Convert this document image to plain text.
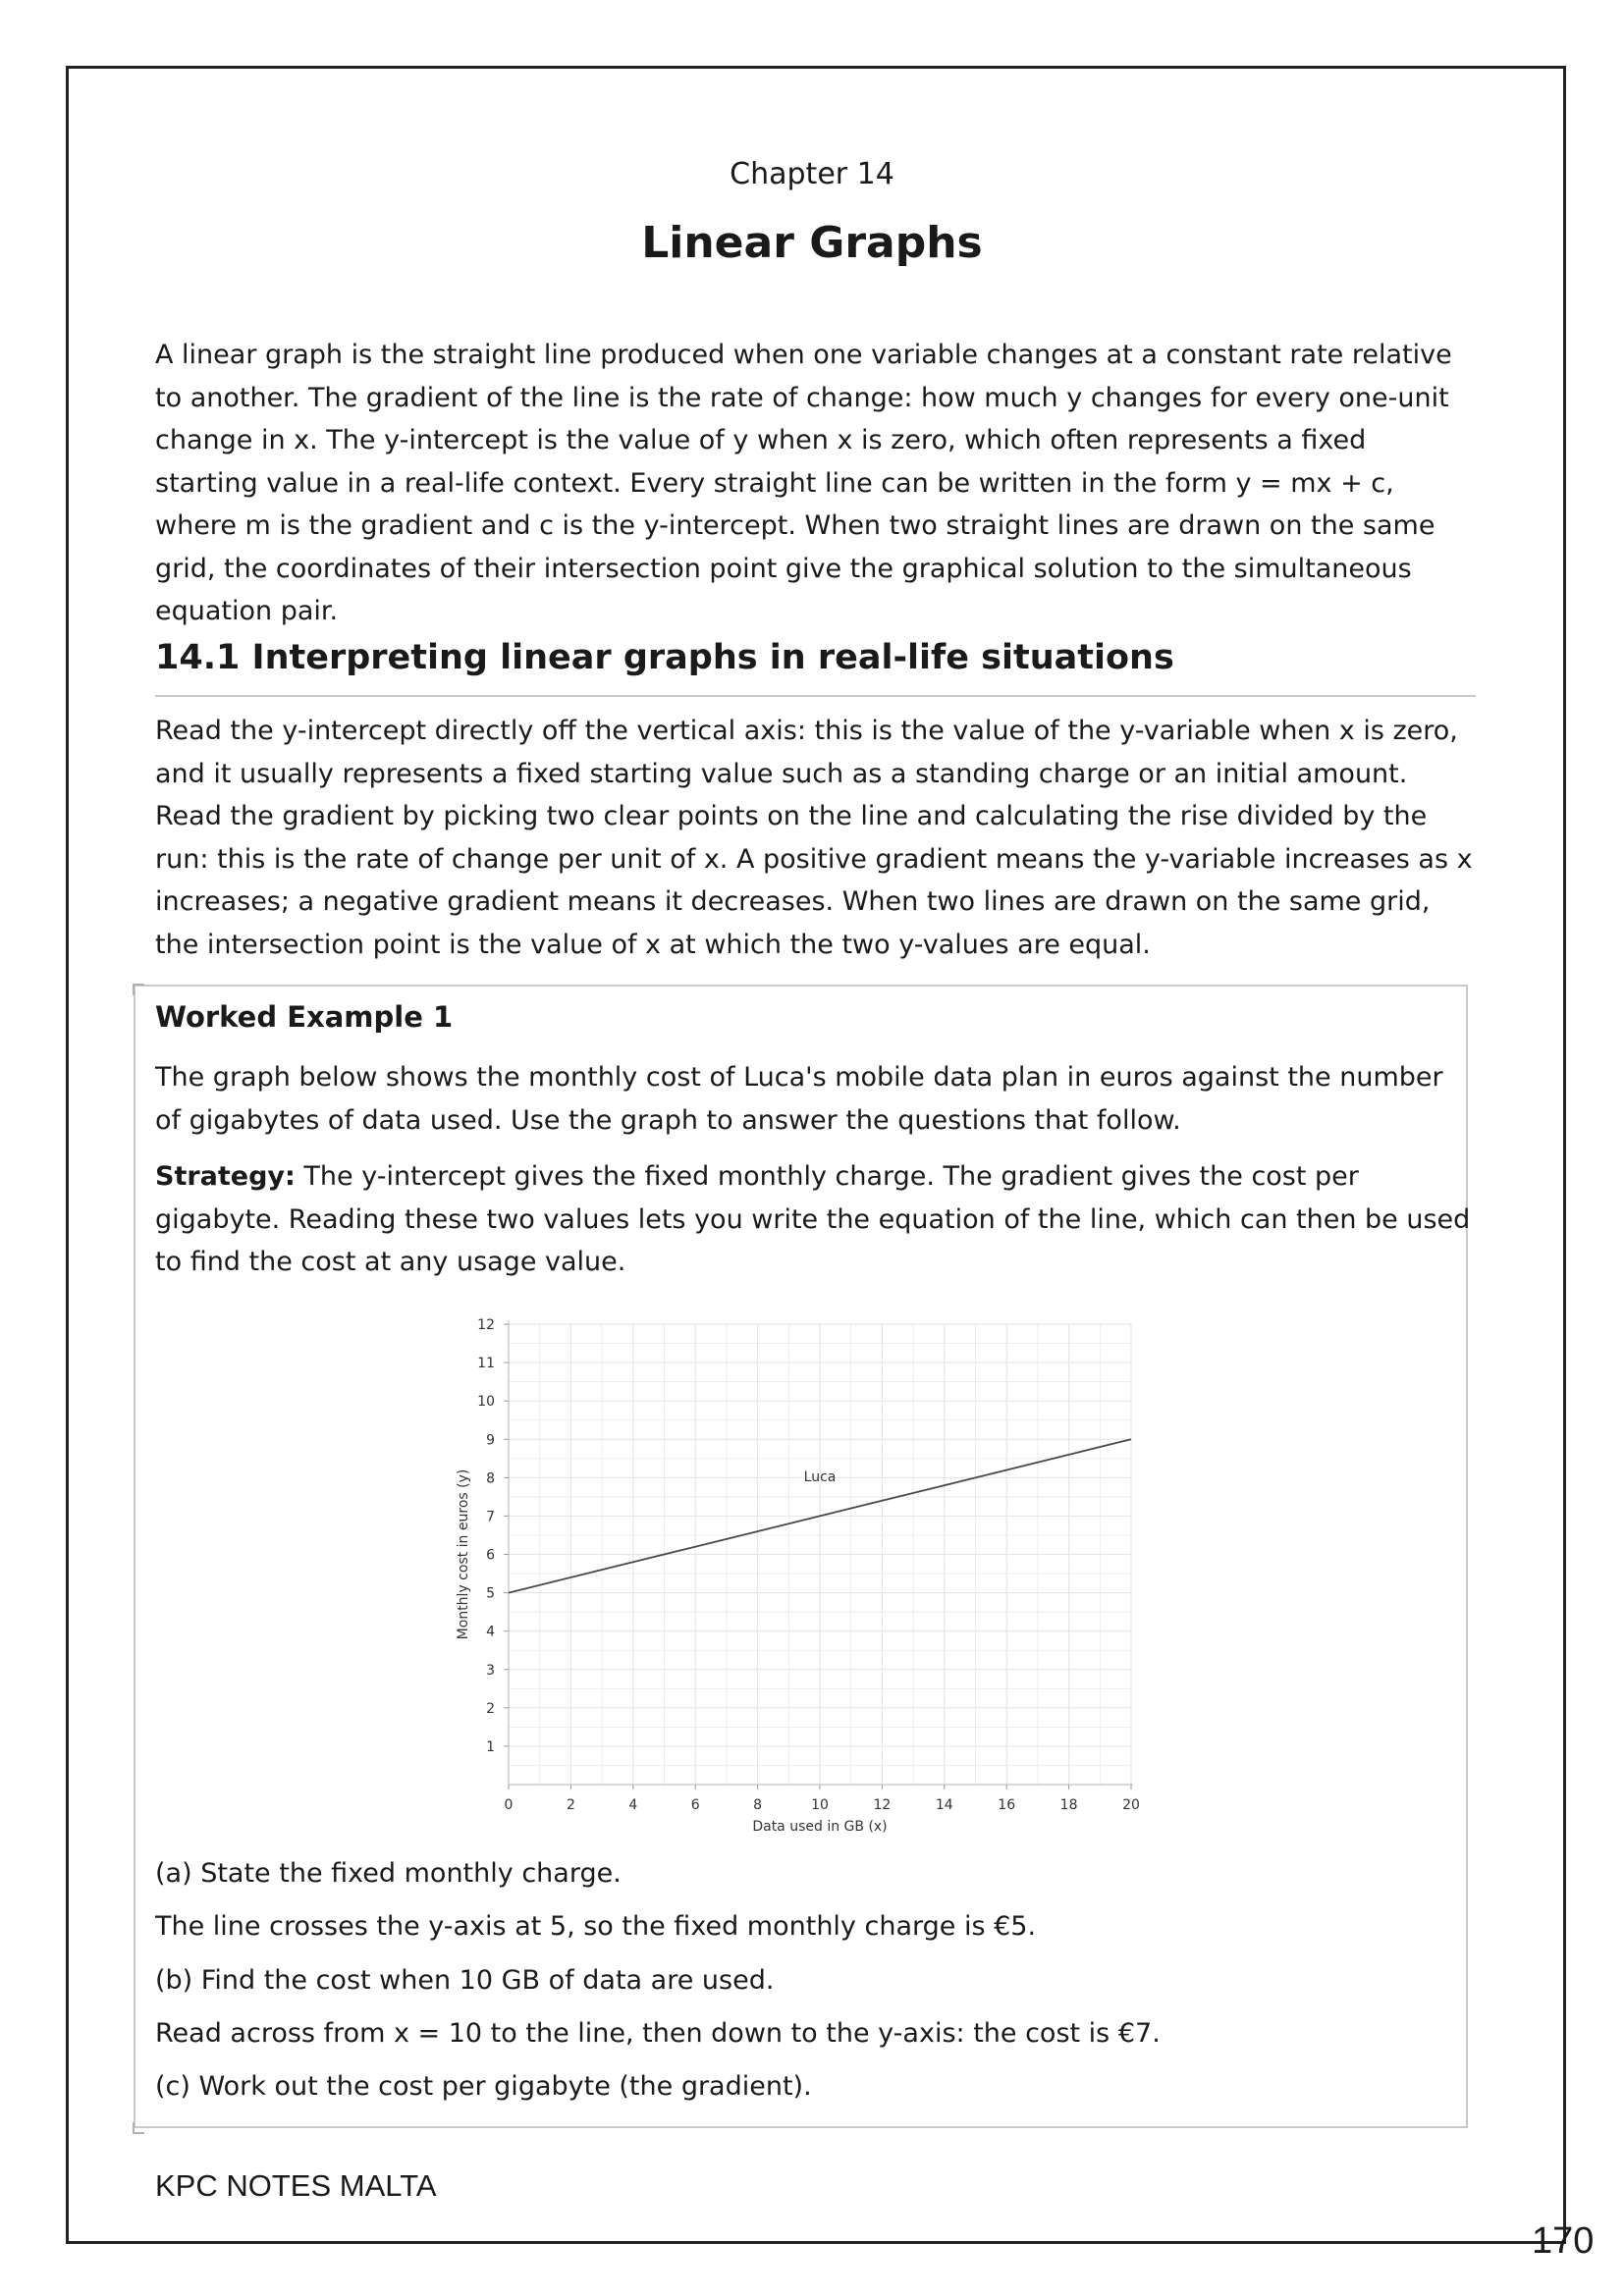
Chapter 14
Linear Graphs

A linear graph is the straight line produced when one variable changes at a constant rate relative to another. The gradient of the line is the rate of change: how much y changes for every one-unit change in x. The y-intercept is the value of y when x is zero, which often represents a fixed starting value in a real-life context. Every straight line can be written in the form y = mx + c, where m is the gradient and c is the y-intercept. When two straight lines are drawn on the same grid, the coordinates of their intersection point give the graphical solution to the simultaneous equation pair.

14.1 Interpreting linear graphs in real-life situations

Read the y-intercept directly off the vertical axis: this is the value of the y-variable when x is zero, and it usually represents a fixed starting value such as a standing charge or an initial amount. Read the gradient by picking two clear points on the line and calculating the rise divided by the run: this is the rate of change per unit of x. A positive gradient means the y-variable increases as x increases; a negative gradient means it decreases. When two lines are drawn on the same grid, the intersection point is the value of x at which the two y-values are equal.

Worked Example 1

The graph below shows the monthly cost of Luca's mobile data plan in euros against the number of gigabytes of data used. Use the graph to answer the questions that follow.

Strategy: The y-intercept gives the fixed monthly charge. The gradient gives the cost per gigabyte. Reading these two values lets you write the equation of the line, which can then be used to find the cost at any usage value.

0	2	4	6	8	10	12	14	16	18	20
1
2
3
4
5
6
7
8
9
10
11
12
Data used in GB (x)
Monthly cost in euros (y)	Luca

(a) State the fixed monthly charge.

The line crosses the y-axis at 5, so the fixed monthly charge is €5.

(b) Find the cost when 10 GB of data are used.

Read across from x = 10 to the line, then down to the y-axis: the cost is €7.

(c) Work out the cost per gigabyte (the gradient).

KPC NOTES MALTA

170
